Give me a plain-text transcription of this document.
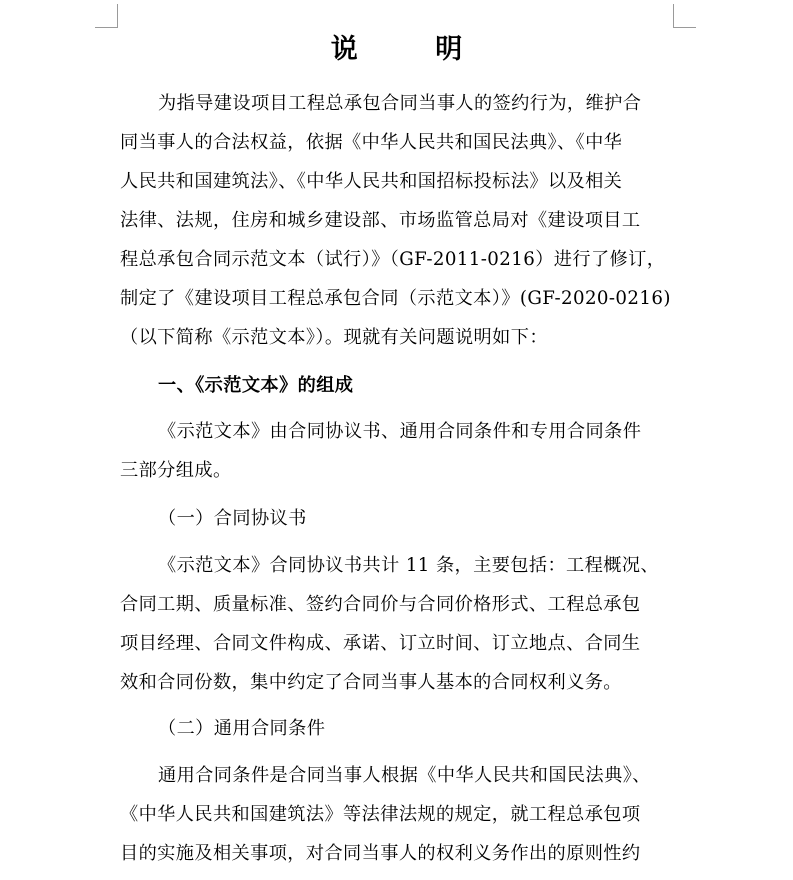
说 明
为指导建设项目工程总承包合同当事人的签约行为，维护合
同当事人的合法权益，依据《中华人民共和国民法典》、《中华
人民共和国建筑法》、《中华人民共和国招标投标法》以及相关
法律、法规，住房和城乡建设部、市场监管总局对《建设项目工
程总承包合同示范文本（试行）》（GF-2011-0216）进行了修订，
制定了《建设项目工程总承包合同（示范文本）》(GF-2020-0216)
（以下简称《示范文本》）。现就有关问题说明如下：
一、《示范文本》的组成
《示范文本》由合同协议书、通用合同条件和专用合同条件
三部分组成。
（一）合同协议书
《示范文本》合同协议书共计 11 条，主要包括：工程概况、
合同工期、质量标准、签约合同价与合同价格形式、工程总承包
项目经理、合同文件构成、承诺、订立时间、订立地点、合同生
效和合同份数，集中约定了合同当事人基本的合同权利义务。
（二）通用合同条件
通用合同条件是合同当事人根据《中华人民共和国民法典》、
《中华人民共和国建筑法》等法律法规的规定，就工程总承包项
目的实施及相关事项，对合同当事人的权利义务作出的原则性约
